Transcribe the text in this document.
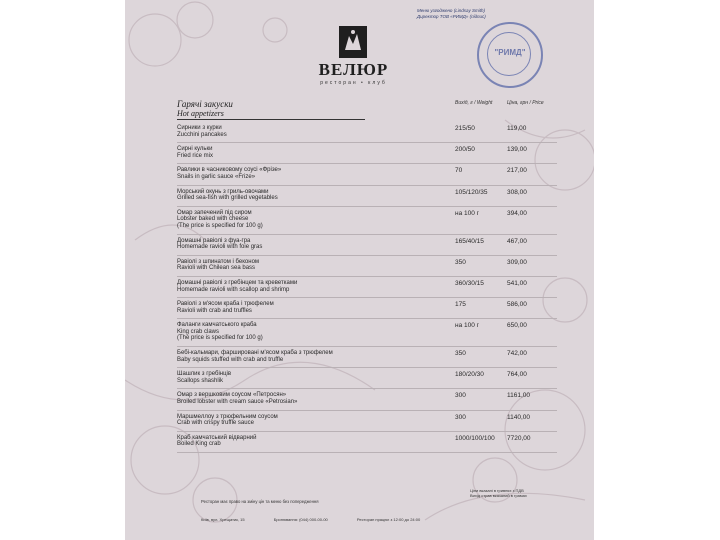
Меню узгоджено (Lindsay Smith)
Директор ТОВ «РИМД» (підпис)
"РИМД"
ВЕЛЮР
ресторан • клуб
Гарячі закуски
Hot appetizers
Вихід, г / Weight	Ціна, грн / Price
Сирники з курки
Zucchini pancakes
215/50	119,00
Сирні кульки
Fried rice mix
200/50	139,00
Равлики в часниковому соусі «Фрізе»
Snails in garlic sauce «Frize»
70	217,00
Морський окунь з гриль-овочами
Grilled sea-fish with grilled vegetables
105/120/35	308,00
Омар запечений під сиром
Lobster baked with cheese
(The price is specified for 100 g)
на 100 г	394,00
Домашні равіолі з фуа-гра
Homemade ravioli with foie gras
165/40/15	467,00
Равіолі з шпинатом і беконом
Ravioli with Chilean sea bass
350	309,00
Домашні равіолі з гребінцем та креветками
Homemade ravioli with scallop and shrimp
360/30/15	541,00
Равіолі з м'ясом краба і трюфелем
Ravioli with crab and truffles
175	586,00
Фаланги камчатського краба
King crab claws
(The price is specified for 100 g)
на 100 г	650,00
Бебі-кальмари, фаршировані м'ясом краба з трюфелем
Baby squids stuffed with crab and truffle
350	742,00
Шашлик з гребінців
Scallops shashlik
180/20/30	764,00
Омар з вершковим соусом «Петросян»
Broiled lobster with cream sauce «Petrosian»
300	1161,00
Маршмеллоу з трюфельним соусом
Crab with crispy truffle sauce
300	1140,00
Краб камчатський відварний
Boiled King crab
1000/100/100 7720,00
Ціни вказані в гривнях з ПДВ
Вихід страв вказаний в грамах
Ресторан має право на зміну цін та меню без попередження
Київ, вул. Хрещатик, 15	Бронювання: (044) 000-00-00	Ресторан працює з 12:00 до 24:00
